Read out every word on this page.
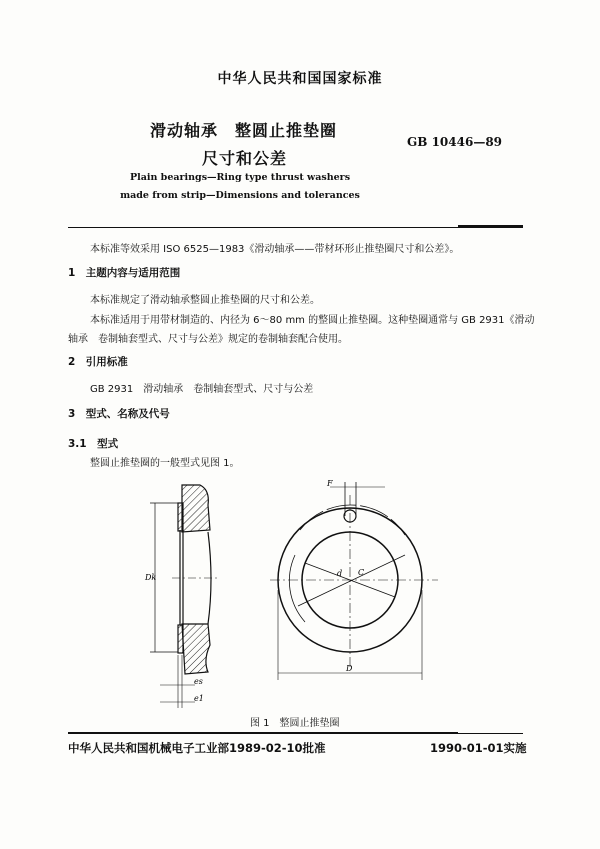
中华人民共和国国家标准
滑动轴承　整圆止推垫圈
尺寸和公差
GB 10446—89
Plain bearings—Ring type thrust washers
made from strip—Dimensions and tolerances
本标准等效采用 ISO 6525—1983《滑动轴承——带材环形止推垫圈尺寸和公差》。
1　主题内容与适用范围
本标准规定了滑动轴承整圆止推垫圈的尺寸和公差。
本标准适用于用带材制造的、内径为 6～80 mm 的整圆止推垫圈。这种垫圈通常与 GB 2931《滑动
轴承　卷制轴套型式、尺寸与公差》规定的卷制轴套配合使用。
2　引用标准
GB 2931　滑动轴承　卷制轴套型式、尺寸与公差
3　型式、名称及代号
3.1　型式
整圆止推垫圈的一般型式见图 1。
Dk
es
e1
F
d C
D
图 1　整圆止推垫圈
中华人民共和国机械电子工业部1989-02-10批准	1990-01-01实施
